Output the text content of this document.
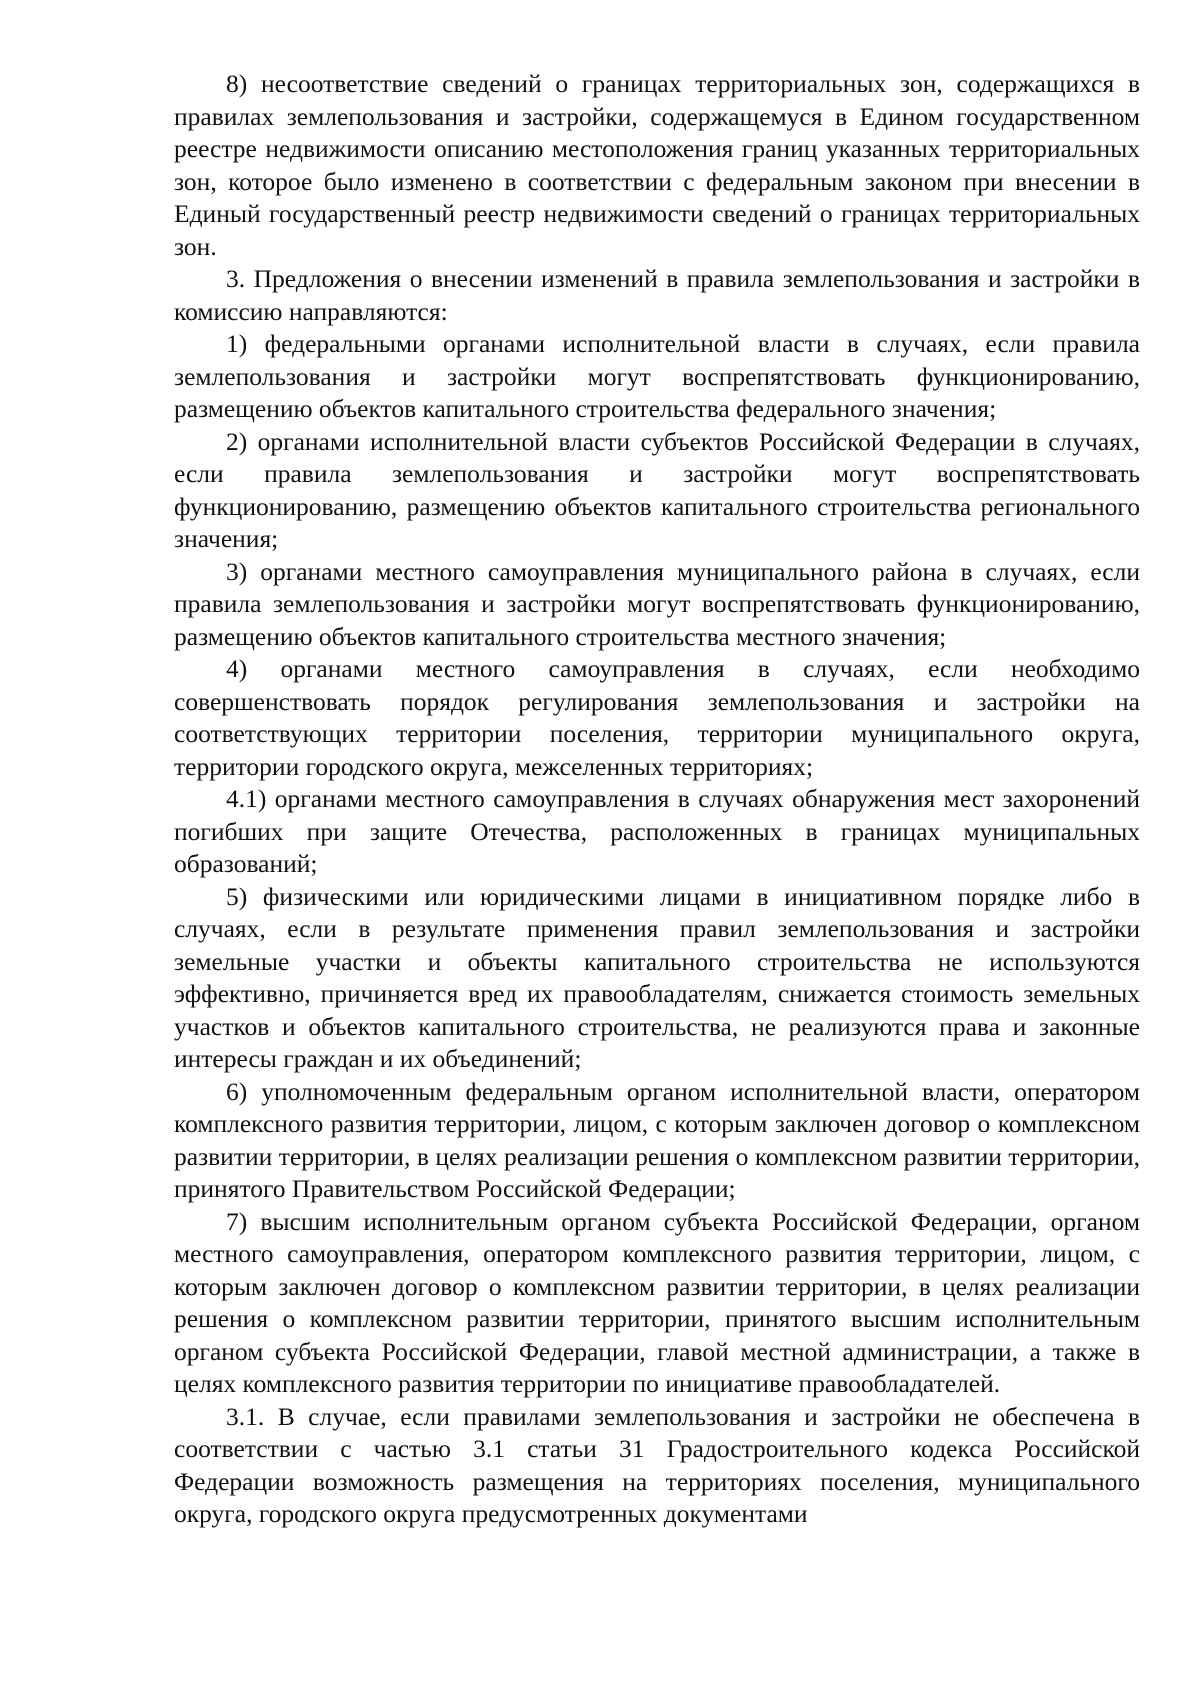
8) несоответствие сведений о границах территориальных зон, содержащихся в правилах землепользования и застройки, содержащемуся в Едином государственном реестре недвижимости описанию местоположения границ указанных территориальных зон, которое было изменено в соответствии с федеральным законом при внесении в Единый государственный реестр недвижимости сведений о границах территориальных зон.

3. Предложения о внесении изменений в правила землепользования и застройки в комиссию направляются:

1) федеральными органами исполнительной власти в случаях, если правила землепользования и застройки могут воспрепятствовать функционированию, размещению объектов капитального строительства федерального значения;

2) органами исполнительной власти субъектов Российской Федерации в случаях, если правила землепользования и застройки могут воспрепятствовать функционированию, размещению объектов капитального строительства регионального значения;

3) органами местного самоуправления муниципального района в случаях, если правила землепользования и застройки могут воспрепятствовать функционированию, размещению объектов капитального строительства местного значения;

4) органами местного самоуправления в случаях, если необходимо совершенствовать порядок регулирования землепользования и застройки на соответствующих территории поселения, территории муниципального округа, территории городского округа, межселенных территориях;

4.1) органами местного самоуправления в случаях обнаружения мест захоронений погибших при защите Отечества, расположенных в границах муниципальных образований;

5) физическими или юридическими лицами в инициативном порядке либо в случаях, если в результате применения правил землепользования и застройки земельные участки и объекты капитального строительства не используются эффективно, причиняется вред их правообладателям, снижается стоимость земельных участков и объектов капитального строительства, не реализуются права и законные интересы граждан и их объединений;

6) уполномоченным федеральным органом исполнительной власти, оператором комплексного развития территории, лицом, с которым заключен договор о комплексном развитии территории, в целях реализации решения о комплексном развитии территории, принятого Правительством Российской Федерации;

7) высшим исполнительным органом субъекта Российской Федерации, органом местного самоуправления, оператором комплексного развития территории, лицом, с которым заключен договор о комплексном развитии территории, в целях реализации решения о комплексном развитии территории, принятого высшим исполнительным органом субъекта Российской Федерации, главой местной администрации, а также в целях комплексного развития территории по инициативе правообладателей.

3.1. В случае, если правилами землепользования и застройки не обеспечена в соответствии с частью 3.1 статьи 31 Градостроительного кодекса Российской Федерации возможность размещения на территориях поселения, муниципального округа, городского округа предусмотренных документами
